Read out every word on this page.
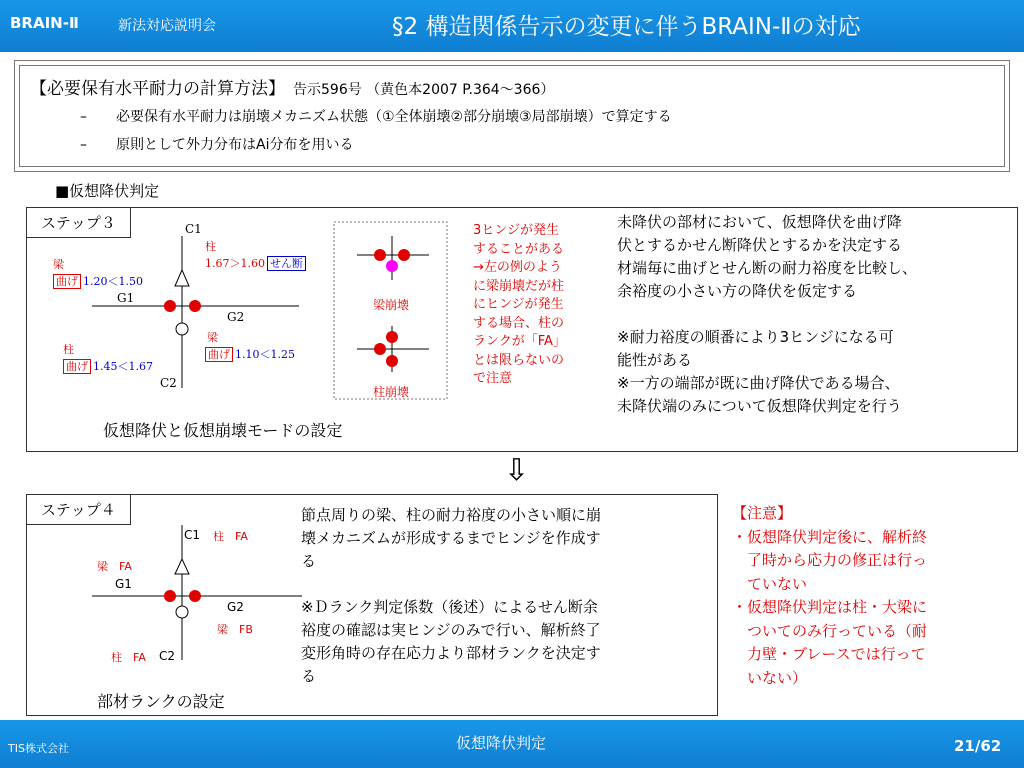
BRAIN-Ⅱ	新法対応説明会	§2 構造関係告示の変更に伴うBRAIN-Ⅱの対応
【必要保有水平耐力の計算方法】 告示596号 （黄色本2007 P.364～366）
– 必要保有水平耐力は崩壊メカニズム状態（①全体崩壊②部分崩壊③局部崩壊）で算定する
– 原則として外力分布はAi分布を用いる
■仮想降伏判定
ステップ３	C1
柱
1.67＞1.60 せん断
梁
曲げ 1.20＜1.50
G1
G2
梁
曲げ 1.10＜1.25
柱
曲げ 1.45＜1.67
C2
梁崩壊
柱崩壊
3ヒンジが発生
することがある
→左の例のよう
に梁崩壊だが柱
にヒンジが発生
する場合、柱の
ランクが「FA」
とは限らないの
で注意
未降伏の部材において、仮想降伏を曲げ降
伏とするかせん断降伏とするかを決定する
材端毎に曲げとせん断の耐力裕度を比較し、
余裕度の小さい方の降伏を仮定する
※耐力裕度の順番により3ヒンジになる可
能性がある
※一方の端部が既に曲げ降伏である場合、
未降伏端のみについて仮想降伏判定を行う
仮想降伏と仮想崩壊モードの設定
⇩
ステップ４
C1 柱　FA
梁　FA
G1
G2
梁　FB
柱　FA C2
節点周りの梁、柱の耐力裕度の小さい順に崩
壊メカニズムが形成するまでヒンジを作成す
る
※Ｄランク判定係数（後述）によるせん断余
裕度の確認は実ヒンジのみで行い、解析終了
変形角時の存在応力より部材ランクを決定す
る
部材ランクの設定
【注意】
・仮想降伏判定後に、解析終
　了時から応力の修正は行っ
　ていない
・仮想降伏判定は柱・大梁に
　ついてのみ行っている（耐
　力壁・ブレースでは行って
　いない）
TIS株式会社	仮想降伏判定	21/62
